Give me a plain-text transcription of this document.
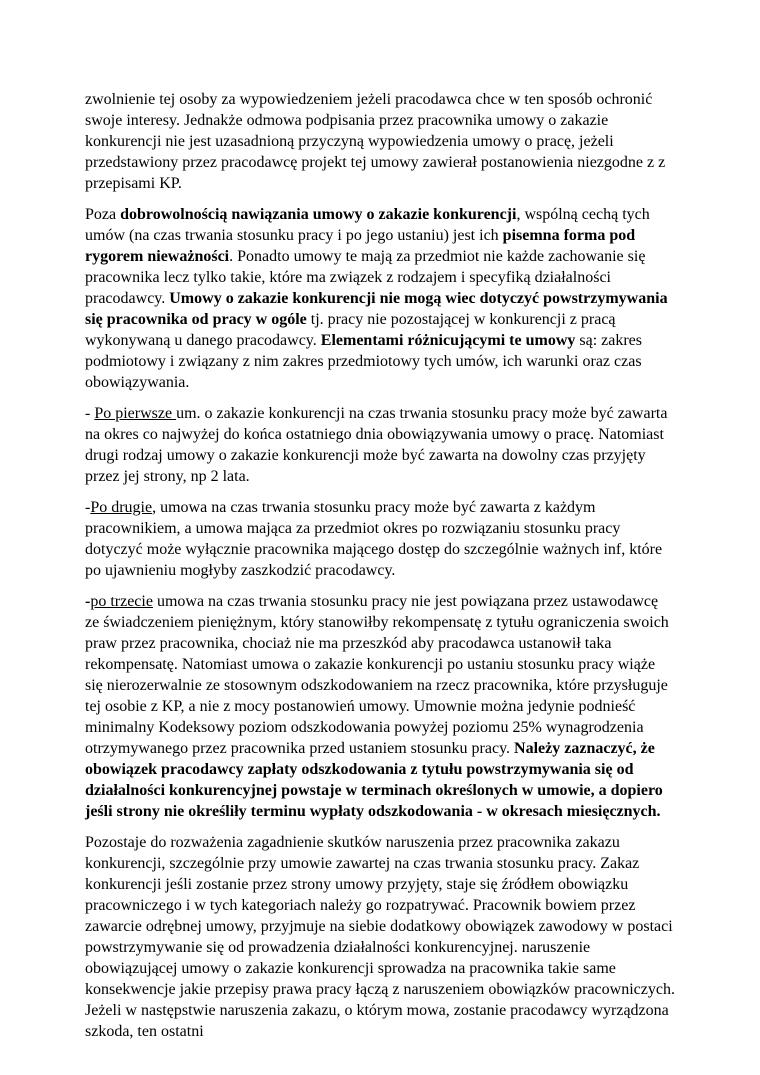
zwolnienie tej osoby za wypowiedzeniem jeżeli pracodawca chce w ten sposób ochronić swoje interesy. Jednakże odmowa podpisania przez pracownika umowy o zakazie konkurencji nie jest uzasadnioną przyczyną wypowiedzenia umowy o pracę, jeżeli przedstawiony przez pracodawcę projekt tej umowy zawierał postanowienia niezgodne z z przepisami KP.

Poza dobrowolnością nawiązania umowy o zakazie konkurencji, wspólną cechą tych umów (na czas trwania stosunku pracy i po jego ustaniu) jest ich pisemna forma pod rygorem nieważności. Ponadto umowy te mają za przedmiot nie każde zachowanie się pracownika lecz tylko takie, które ma związek z rodzajem i specyfiką działalności pracodawcy. Umowy o zakazie konkurencji nie mogą wiec dotyczyć powstrzymywania się pracownika od pracy w ogóle tj. pracy nie pozostającej w konkurencji z pracą wykonywaną u danego pracodawcy. Elementami różnicującymi te umowy są: zakres podmiotowy i związany z nim zakres przedmiotowy tych umów, ich warunki oraz czas obowiązywania.

- Po pierwsze um. o zakazie konkurencji na czas trwania stosunku pracy może być zawarta na okres co najwyżej do końca ostatniego dnia obowiązywania umowy o pracę. Natomiast drugi rodzaj umowy o zakazie konkurencji może być zawarta na dowolny czas przyjęty przez jej strony, np 2 lata.

-Po drugie, umowa na czas trwania stosunku pracy może być zawarta z każdym pracownikiem, a umowa mająca za przedmiot okres po rozwiązaniu stosunku pracy dotyczyć może wyłącznie pracownika mającego dostęp do szczególnie ważnych inf, które po ujawnieniu mogłyby zaszkodzić pracodawcy.

-po trzecie umowa na czas trwania stosunku pracy nie jest powiązana przez ustawodawcę ze świadczeniem pieniężnym, który stanowiłby rekompensatę z tytułu ograniczenia swoich praw przez pracownika, chociaż nie ma przeszkód aby pracodawca ustanowił taka rekompensatę. Natomiast umowa o zakazie konkurencji po ustaniu stosunku pracy wiąże się nierozerwalnie ze stosownym odszkodowaniem na rzecz pracownika, które przysługuje tej osobie z KP, a nie z mocy postanowień umowy. Umownie można jedynie podnieść minimalny Kodeksowy poziom odszkodowania powyżej poziomu 25% wynagrodzenia otrzymywanego przez pracownika przed ustaniem stosunku pracy. Należy zaznaczyć, że obowiązek pracodawcy zapłaty odszkodowania z tytułu powstrzymywania się od działalności konkurencyjnej powstaje w terminach określonych w umowie, a dopiero jeśli strony nie określiły terminu wypłaty odszkodowania - w okresach miesięcznych.

Pozostaje do rozważenia zagadnienie skutków naruszenia przez pracownika zakazu konkurencji, szczególnie przy umowie zawartej na czas trwania stosunku pracy. Zakaz konkurencji jeśli zostanie przez strony umowy przyjęty, staje się źródłem obowiązku pracowniczego i w tych kategoriach należy go rozpatrywać. Pracownik bowiem przez zawarcie odrębnej umowy, przyjmuje na siebie dodatkowy obowiązek zawodowy w postaci powstrzymywanie się od prowadzenia działalności konkurencyjnej. naruszenie obowiązującej umowy o zakazie konkurencji sprowadza na pracownika takie same konsekwencje jakie przepisy prawa pracy łączą z naruszeniem obowiązków pracowniczych. Jeżeli w następstwie naruszenia zakazu, o którym mowa, zostanie pracodawcy wyrządzona szkoda, ten ostatni
